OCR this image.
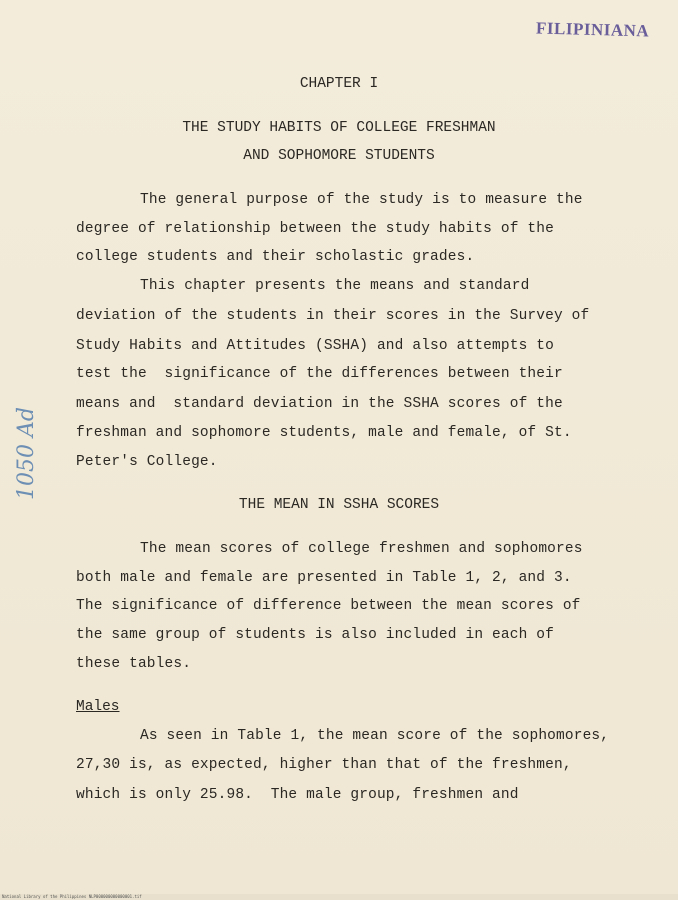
FILIPINIANA
1050 Ad
CHAPTER I
THE STUDY HABITS OF COLLEGE FRESHMAN
AND SOPHOMORE STUDENTS
The general purpose of the study is to measure the
degree of relationship between the study habits of the
college students and their scholastic grades.
This chapter presents the means and standard
deviation of the students in their scores in the Survey of
Study Habits and Attitudes (SSHA) and also attempts to
test the  significance of the differences between their
means and  standard deviation in the SSHA scores of the
freshman and sophomore students, male and female, of St.
Peter's College.
THE MEAN IN SSHA SCORES
The mean scores of college freshmen and sophomores
both male and female are presented in Table 1, 2, and 3.
The significance of difference between the mean scores of
the same group of students is also included in each of
these tables.
Males
As seen in Table 1, the mean score of the sophomores,
27,30 is, as expected, higher than that of the freshmen,
which is only 25.98.  The male group, freshmen and
National Library of the Philippines NLP000000000000001.tif
